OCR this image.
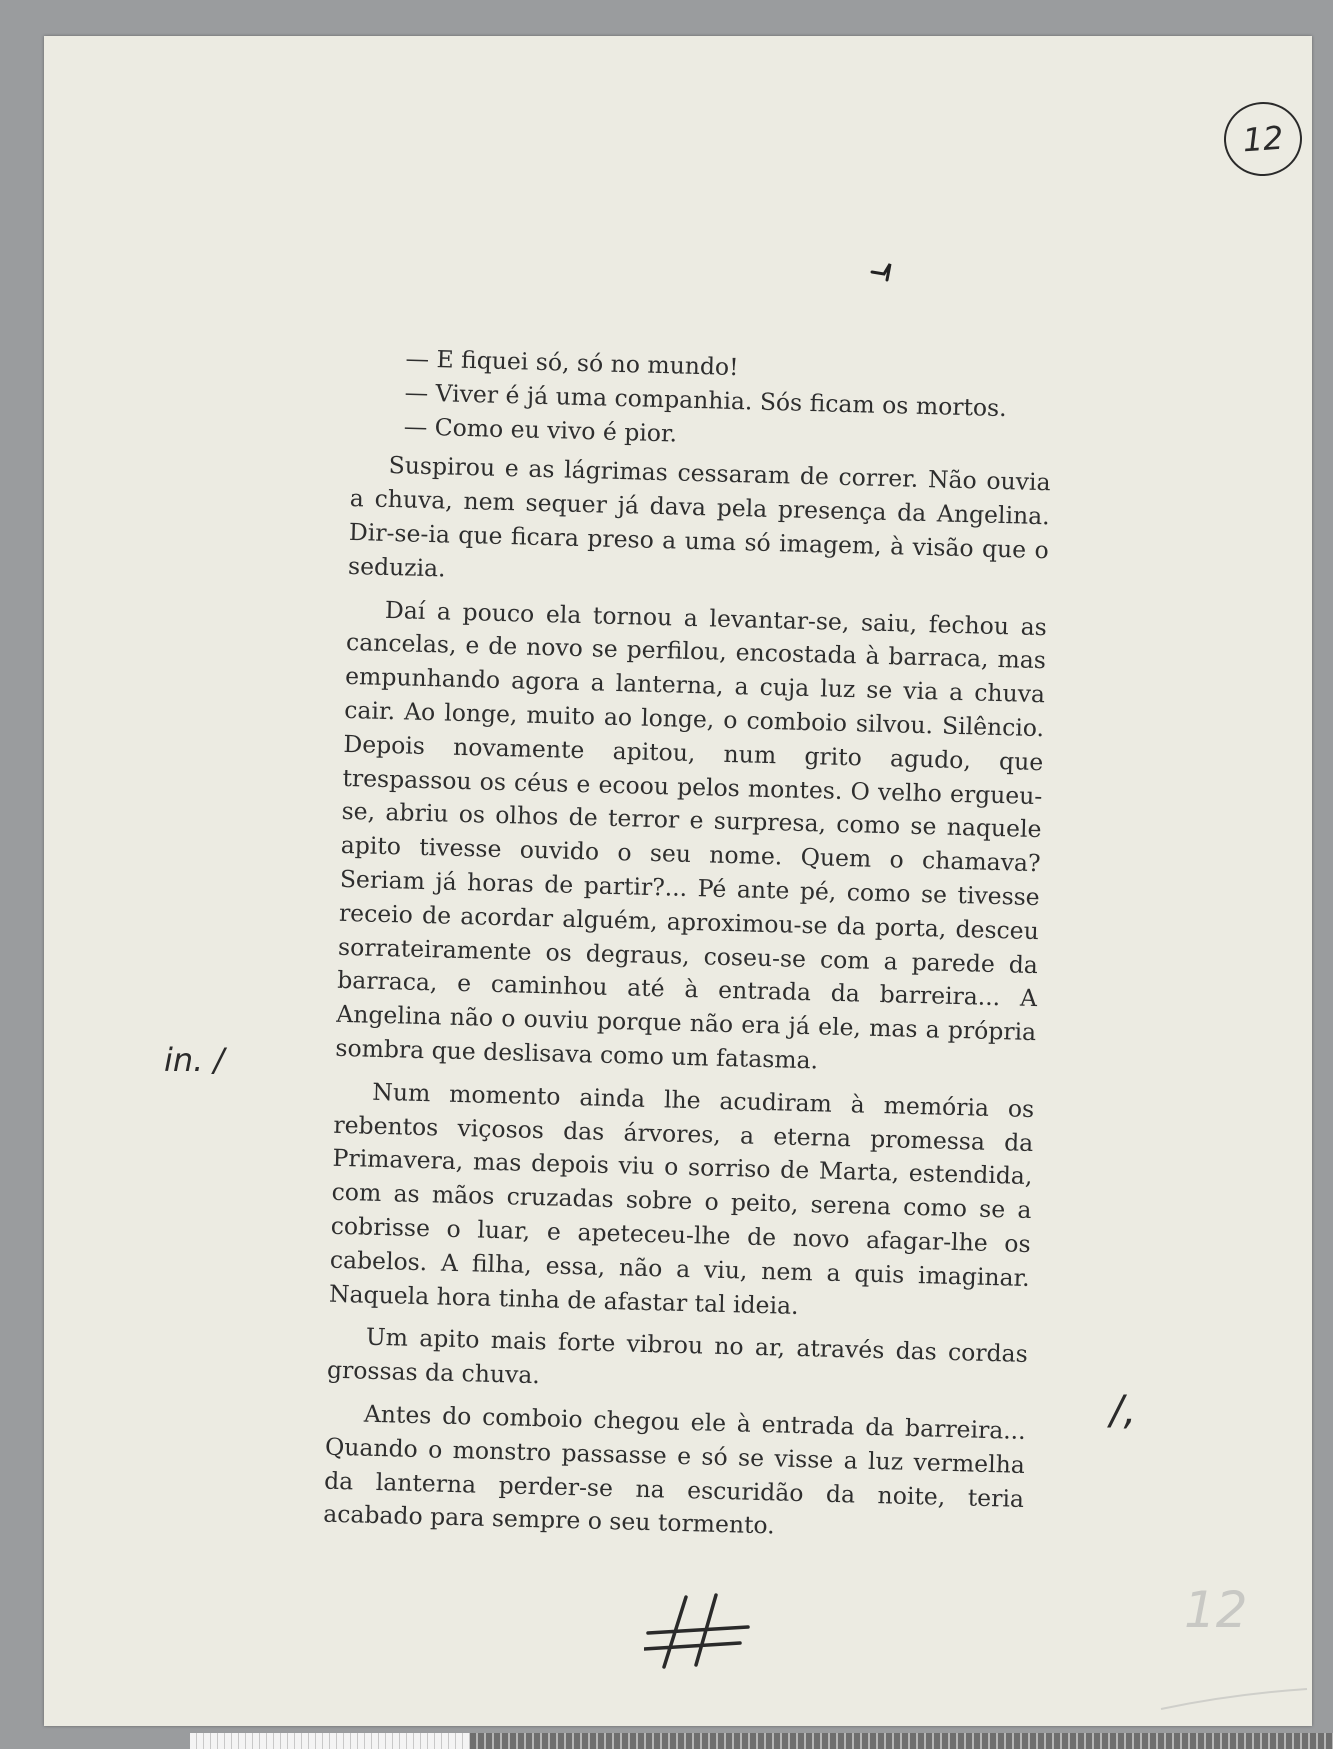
12

— E fiquei só, só no mundo!

— Viver é já uma companhia. Sós ficam os mortos.

— Como eu vivo é pior.

Suspirou e as lágrimas cessaram de correr. Não ouvia a chuva, nem sequer já dava pela presença da Angelina. Dir-se-ia que ficara preso a uma só imagem, à visão que o seduzia.

Daí a pouco ela tornou a levantar-se, saiu, fechou as cancelas, e de novo se perfilou, encostada à barraca, mas empunhando agora a lanterna, a cuja luz se via a chuva cair. Ao longe, muito ao longe, o comboio silvou. Silêncio. Depois novamente apitou, num grito agudo, que trespassou os céus e ecoou pelos montes. O velho ergueu-se, abriu os olhos de terror e surpresa, como se naquele apito tivesse ouvido o seu nome. Quem o chamava? Seriam já horas de partir?... Pé ante pé, como se tivesse receio de acordar alguém, aproximou-se da porta, desceu sorrateiramente os degraus, coseu-se com a parede da barraca, e caminhou até à entrada da barreira... A Angelina não o ouviu porque não era já ele, mas a própria sombra que deslisava como um fatasma.

Num momento ainda lhe acudiram à memória os rebentos viçosos das árvores, a eterna promessa da Primavera, mas depois viu o sorriso de Marta, estendida, com as mãos cruzadas sobre o peito, serena como se a cobrisse o luar, e apeteceu-lhe de novo afagar-lhe os cabelos. A filha, essa, não a viu, nem a quis imaginar. Naquela hora tinha de afastar tal ideia.

Um apito mais forte vibrou no ar, através das cordas grossas da chuva.

Antes do comboio chegou ele à entrada da barreira... Quando o monstro passasse e só se visse a luz vermelha da lanterna perder-se na escuridão da noite, teria acabado para sempre o seu tormento.

in. /
/,
12
